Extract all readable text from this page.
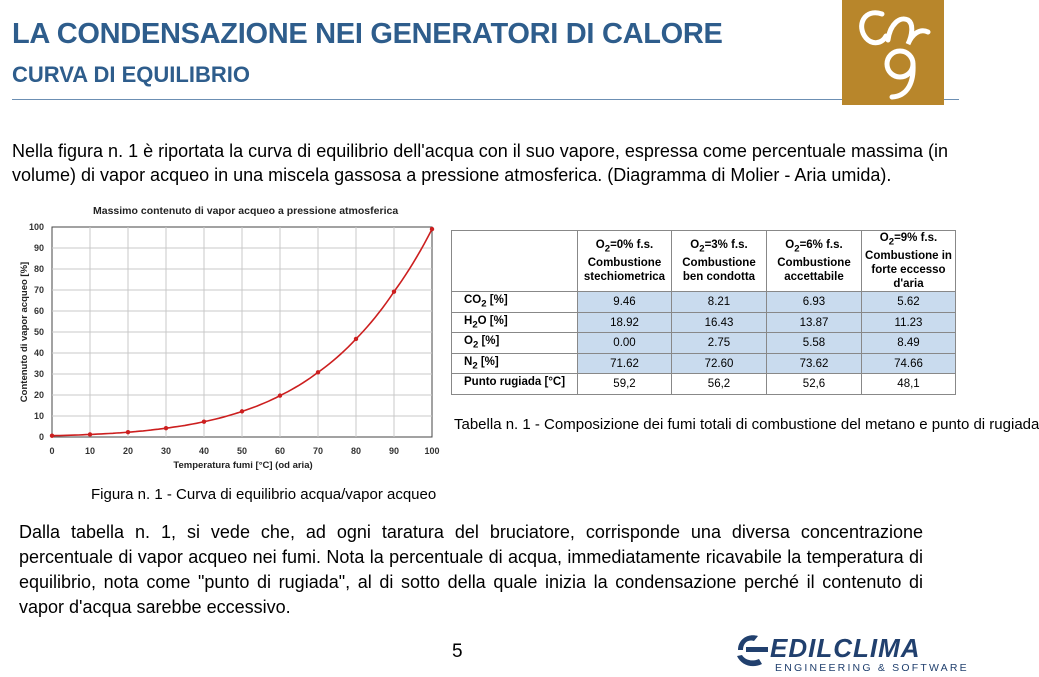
LA CONDENSAZIONE NEI GENERATORI DI CALORE
CURVA DI EQUILIBRIO
Nella figura n. 1 è riportata la curva di equilibrio dell'acqua con il suo vapore, espressa come percentuale massima (in volume) di vapor acqueo in una miscela gassosa a pressione atmosferica. (Diagramma di Molier - Aria umida).
0	10	20	30	40	50	60	70	80	90	100
0
10
20
30
40
50
60
70
80
90
100
Massimo contenuto di vapor acqueo a pressione atmosferica
Temperatura fumi [°C] (od aria)
Contenuto di vapor acqueo [%]
Figura n. 1 - Curva di equilibrio acqua/vapor acqueo
	$O_2=0\%$ f.s.
Combustione
stechiometrica	$O_2=3\%$ f.s.
Combustione
ben condotta	$O_2=6\%$ f.s.
Combustione
accettabile	$O_2=9\%$ f.s.
Combustione in
forte eccesso
d'aria
$CO_2$ [%]	9.46	8.21	6.93	5.62
$H_2O$ [%]	18.92	16.43	13.87	11.23
$O_2$ [%]	0.00	2.75	5.58	8.49
$N_2$ [%]	71.62	72.60	73.62	74.66
Punto rugiada [°C]	59,2	56,2	52,6	48,1
Tabella n. 1 - Composizione dei fumi totali di combustione del metano e punto di rugiada
Dalla tabella n. 1, si vede che, ad ogni taratura del bruciatore, corrisponde una diversa concentrazione percentuale di vapor acqueo nei fumi. Nota la percentuale di acqua, immediatamente ricavabile la temperatura di equilibrio, nota come "punto di rugiada", al di sotto della quale inizia la condensazione perché il contenuto di vapor d'acqua sarebbe eccessivo.
5	EDILCLIMA
ENGINEERING & SOFTWARE
